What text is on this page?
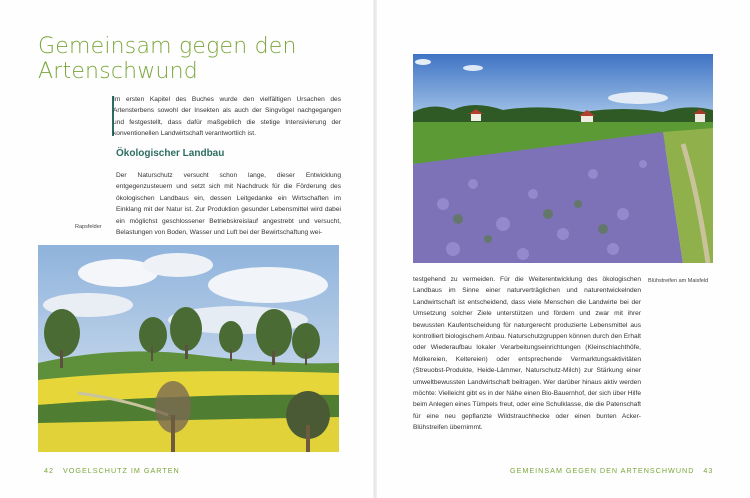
Gemeinsam gegen den Artenschwund

Im ersten Kapitel des Buches wurde den vielfältigen Ursachen des Artensterbens sowohl der Insekten als auch der Singvögel nachgegangen und festgestellt, dass dafür maßgeblich die stetige Intensivierung der konventionellen Landwirtschaft verantwortlich ist.

Ökologischer Landbau

Der Naturschutz versucht schon lange, dieser Entwicklung entgegenzusteuern und setzt sich mit Nachdruck für die Förderung des ökologischen Landbaus ein, dessen Leitgedanke ein Wirtschaften im Einklang mit der Natur ist. Zur Produktion gesunder Lebensmittel wird dabei ein möglichst geschlossener Betriebskreislauf angestrebt und versucht, Belastungen von Boden, Wasser und Luft bei der Bewirtschaftung wei-

Rapsfelder
42 VOGELSCHUTZ IM GARTEN
Blühstreifen am Maisfeld

testgehend zu vermeiden. Für die Weiterentwicklung des ökologischen Landbaus im Sinne einer naturverträglichen und naturentwickelnden Landwirtschaft ist entscheidend, dass viele Menschen die Landwirte bei der Umsetzung solcher Ziele unterstützen und fördern und zwar mit ihrer bewussten Kaufentscheidung für naturgerecht produzierte Lebensmittel aus kontrolliert biologischem Anbau. Naturschutzgruppen können durch den Erhalt oder Wiederaufbau lokaler Verarbeitungseinrichtungen (Kleinschlachthöfe, Molkereien, Keltereien) oder entsprechende Vermarktungsaktivitäten (Streuobst-Produkte, Heide-Lämmer, Naturschutz-Milch) zur Stärkung einer umweltbewussten Landwirtschaft beitragen. Wer darüber hinaus aktiv werden möchte: Vielleicht gibt es in der Nähe einen Bio-Bauernhof, der sich über Hilfe beim Anlegen eines Tümpels freut, oder eine Schulklasse, die die Patenschaft für eine neu gepflanzte Wildstrauchhecke oder einen bunten Acker-Blühstreifen übernimmt.

GEMEINSAM GEGEN DEN ARTENSCHWUND 43
